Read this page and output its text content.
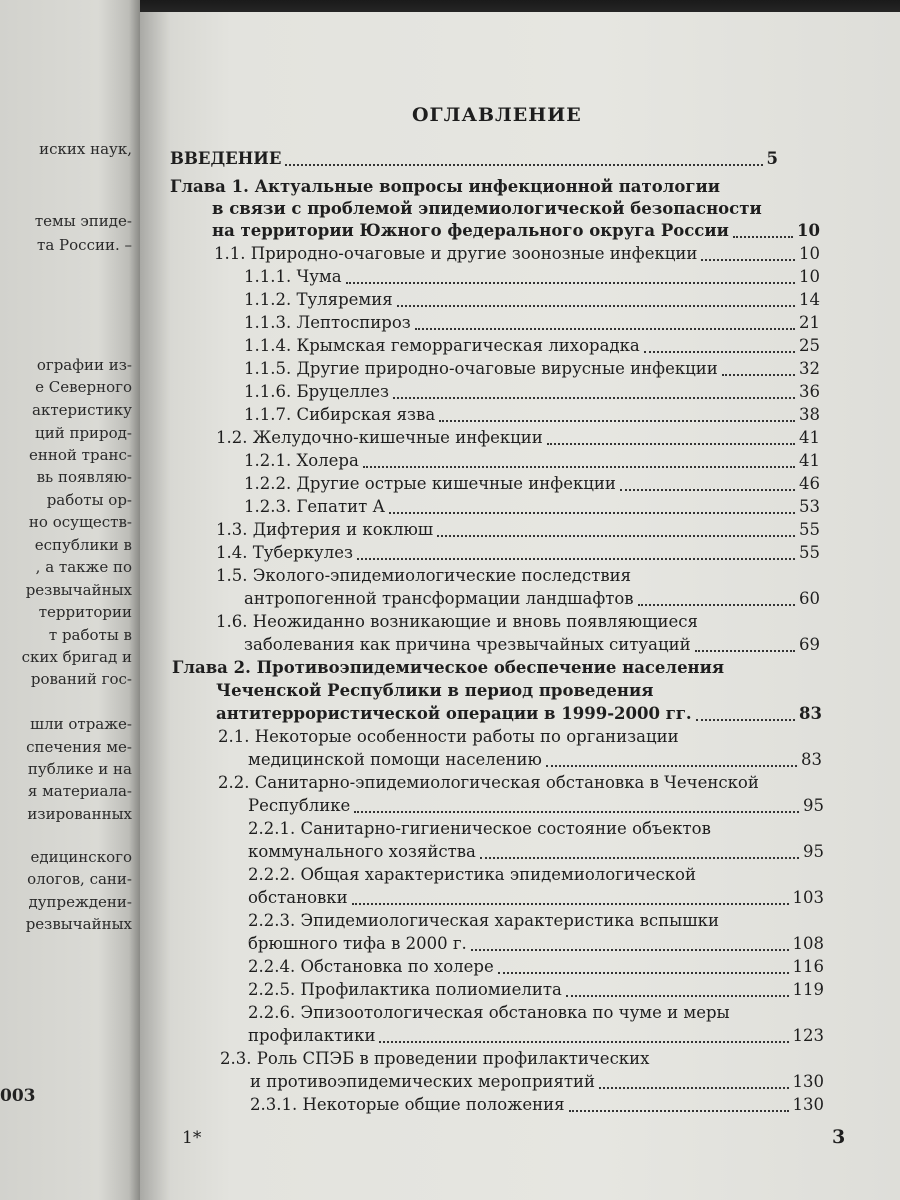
иских наук,
темы эпиде-
та России. –
ографии из-
е Северного
актеристику
ций природ-
енной транс-
вь появляю-
работы ор-
но осуществ-
еспублики в
, а также по
резвычайных
территории
т работы в
ских бригад и
рований гос-
шли отраже-
спечения ме-
публике и на
я материала-
изированных
едицинского
ологов, сани-
дупреждени-
резвычайных
003
ОГЛАВЛЕНИЕ
ВВЕДЕНИЕ	5
Глава 1. Актуальные вопросы инфекционной патологии
в связи с проблемой эпидемиологической безопасности
на территории Южного федерального округа России	10
1.1. Природно-очаговые и другие зоонозные инфекции	10
1.1.1. Чума	10
1.1.2. Туляремия	14
1.1.3. Лептоспироз	21
1.1.4. Крымская геморрагическая лихорадка	25
1.1.5. Другие природно-очаговые вирусные инфекции	32
1.1.6. Бруцеллез	36
1.1.7. Сибирская язва	38
1.2. Желудочно-кишечные инфекции	41
1.2.1. Холера	41
1.2.2. Другие острые кишечные инфекции	46
1.2.3. Гепатит А	53
1.3. Дифтерия и коклюш	55
1.4. Туберкулез	55
1.5. Эколого-эпидемиологические последствия
антропогенной трансформации ландшафтов	60
1.6. Неожиданно возникающие и вновь появляющиеся
заболевания как причина чрезвычайных ситуаций	69
Глава 2. Противоэпидемическое обеспечение населения
Чеченской Республики в период проведения
антитеррористической операции в 1999-2000 гг.	83
2.1. Некоторые особенности работы по организации
медицинской помощи населению	83
2.2. Санитарно-эпидемиологическая обстановка в Чеченской
Республике	95
2.2.1. Санитарно-гигиеническое состояние объектов
коммунального хозяйства	95
2.2.2. Общая характеристика эпидемиологической
обстановки	103
2.2.3. Эпидемиологическая характеристика вспышки
брюшного тифа в 2000 г.	108
2.2.4. Обстановка по холере	116
2.2.5. Профилактика полиомиелита	119
2.2.6. Эпизоотологическая обстановка по чуме и меры
профилактики	123
2.3. Роль СПЭБ в проведении профилактических
и противоэпидемических мероприятий	130
2.3.1. Некоторые общие положения	130
1*	3
